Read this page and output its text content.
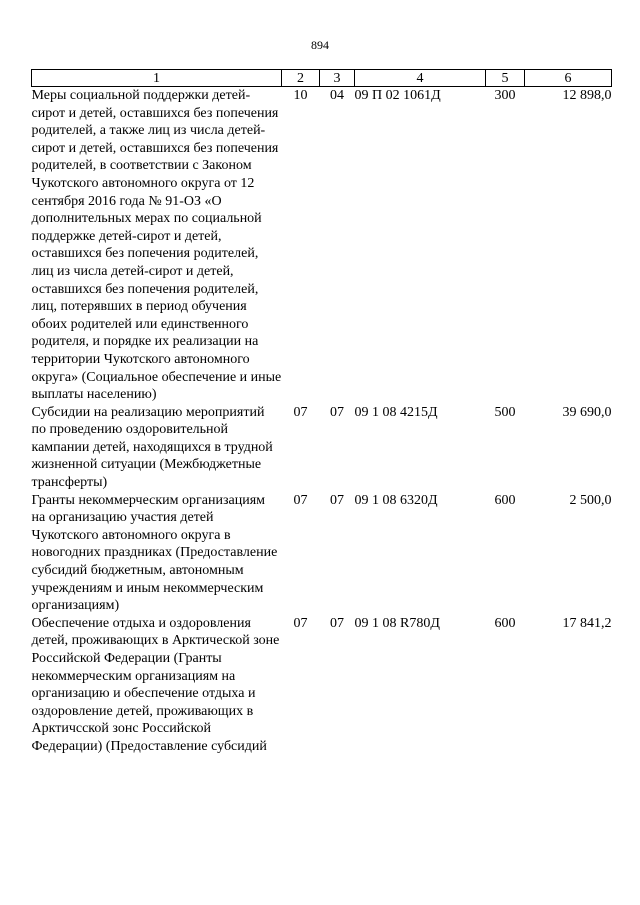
894
1	2	3	4	5	6
Меры социальной поддержки детей-сирот и детей, оставшихся без попечения родителей, а также лиц из числа детей-сирот и детей, оставшихся без попечения родителей, в соответствии с Законом Чукотского автономного округа от 12 сентября 2016 года № 91-ОЗ «О дополнительных мерах по социальной поддержке детей-сирот и детей, оставшихся без попечения родителей, лиц из числа детей-сирот и детей, оставшихся без попечения родителей, лиц, потерявших в период обучения обоих родителей или единственного родителя, и порядке их реализации на территории Чукотского автономного округа» (Социальное обеспечение и иные выплаты населению)	10	04	09 П 02 1061Д	300	12 898,0
Субсидии на реализацию мероприятий по проведению оздоровительной кампании детей, находящихся в трудной жизненной ситуации (Межбюджетные трансферты)	07	07	09 1 08 4215Д	500	39 690,0
Гранты некоммерческим организациям на организацию участия детей Чукотского автономного округа в новогодних праздниках (Предоставление субсидий бюджетным, автономным учреждениям и иным некоммерческим организациям)	07	07	09 1 08 6320Д	600	2 500,0
Обеспечение отдыха и оздоровления детей, проживающих в Арктической зоне Российской Федерации (Гранты некоммерческим организациям на организацию и обеспечение отдыха и оздоровление детей, проживающих в Арктичсской зонс Российской Федерации) (Предоставление субсидий	07	07	09 1 08 R780Д	600	17 841,2
